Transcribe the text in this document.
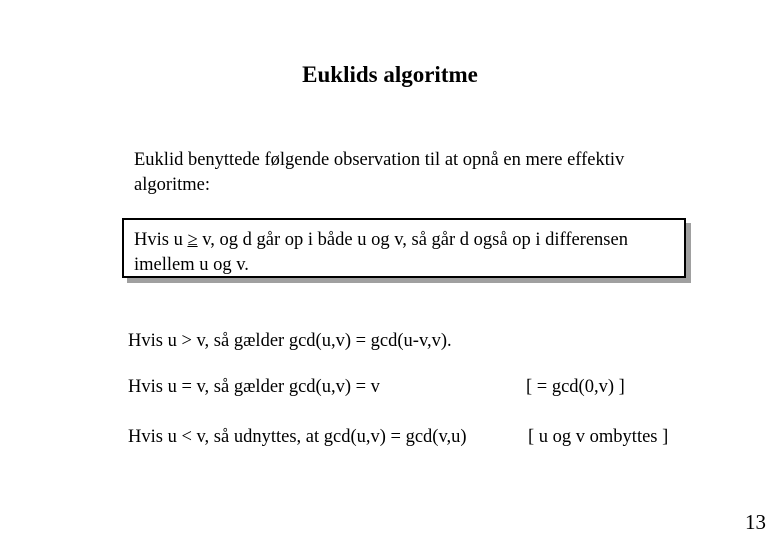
Euklids algoritme
Euklid benyttede følgende observation til at opnå en mere effektiv algoritme:
Hvis u ≥ v, og d går op i både u og v, så går d også op i differensen imellem u og v.
Hvis u > v, så gælder gcd(u,v) = gcd(u-v,v).
Hvis u = v, så gælder gcd(u,v) = v	[ = gcd(0,v) ]
Hvis u < v, så udnyttes, at gcd(u,v) = gcd(v,u)	[ u og v ombyttes ]
13
